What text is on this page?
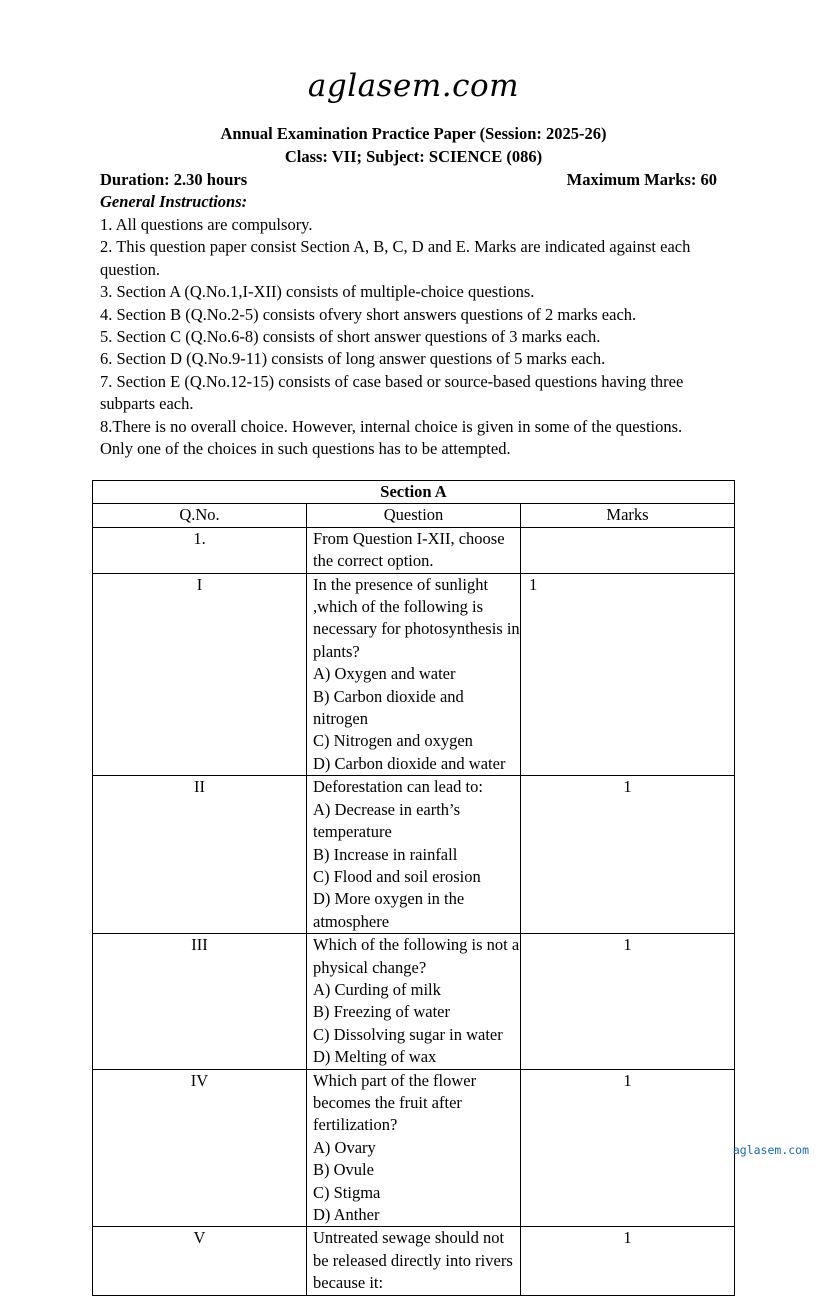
aglasem.com
Annual Examination Practice Paper (Session: 2025-26)
Class: VII; Subject: SCIENCE (086)
Duration: 2.30 hours	Maximum Marks: 60
General Instructions:
1. All questions are compulsory.
2. This question paper consist Section A, B, C, D and E. Marks are indicated against each question.
3. Section A (Q.No.1,I-XII) consists of multiple-choice questions.
4. Section B (Q.No.2-5) consists ofvery short answers questions of 2 marks each.
5. Section C (Q.No.6-8) consists of short answer questions of 3 marks each.
6. Section D (Q.No.9-11) consists of long answer questions of 5 marks each.
7. Section E (Q.No.12-15) consists of case based or source-based questions having three subparts each.
8.There is no overall choice. However, internal choice is given in some of the questions. Only one of the choices in such questions has to be attempted.
Section A		
Q.No.	Question	Marks
1.	From Question I-XII, choose the correct option.	

I	In the presence of sunlight ,which of the following is necessary for photosynthesis in plants?
A) Oxygen and water
B) Carbon dioxide and nitrogen
C) Nitrogen and oxygen
D) Carbon dioxide and water	1
II	Deforestation can lead to:
A) Decrease in earth’s temperature
B) Increase in rainfall
C) Flood and soil erosion
D) More oxygen in the atmosphere	1
III	Which of the following is not a physical change?
A) Curding of milk
B) Freezing of water
C) Dissolving sugar in water
D) Melting of wax	1
IV	Which part of the flower becomes the fruit after fertilization?
A) Ovary
B) Ovule
C) Stigma
D) Anther	1
V	Untreated sewage should not be released directly into rivers because it:	1
aglasem.com
